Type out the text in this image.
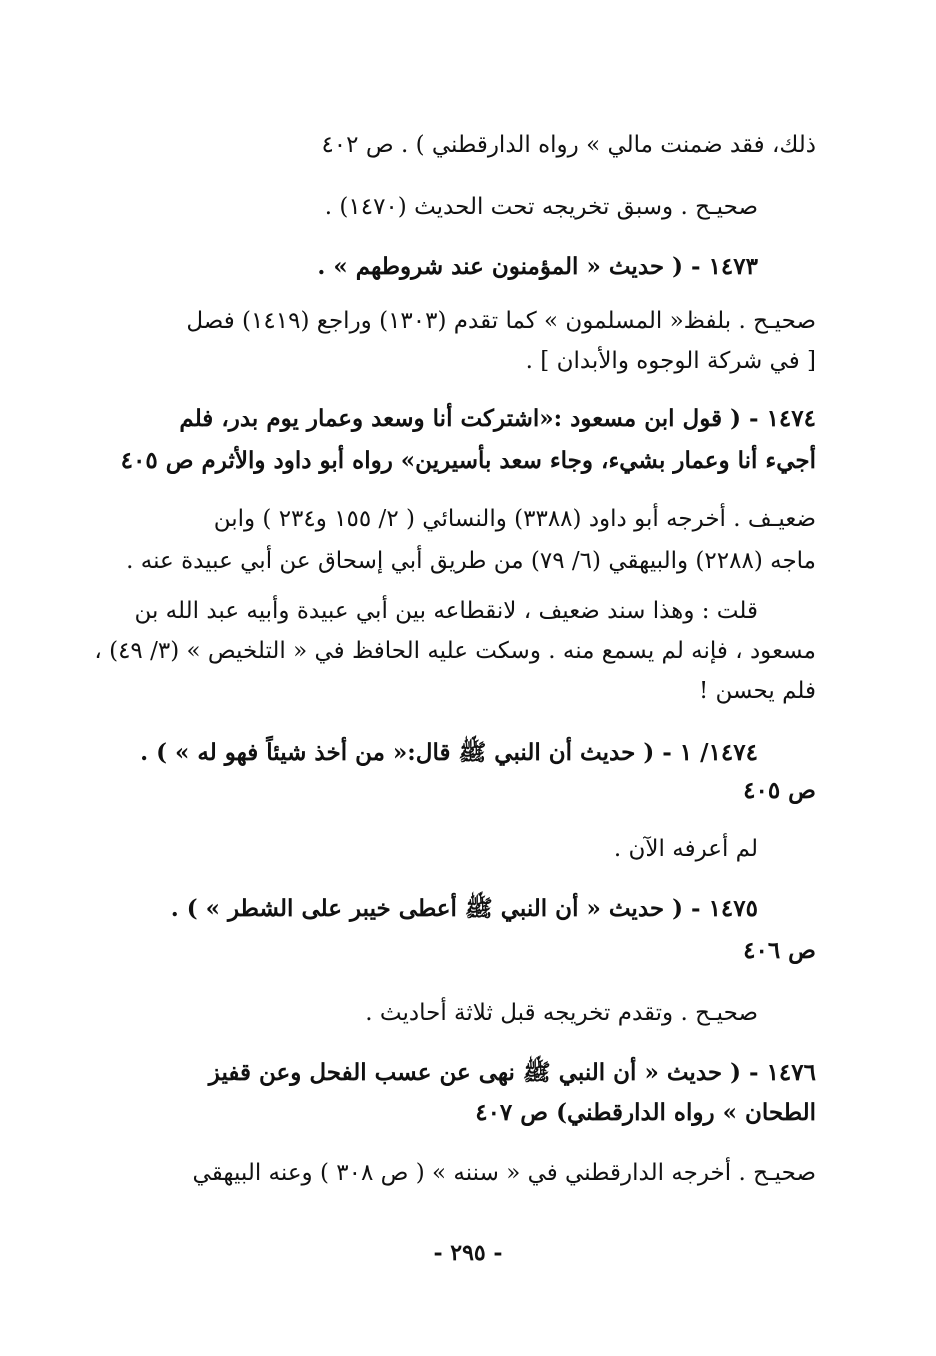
ذلك، فقد ضمنت مالي » رواه الدارقطني ) . ص ٤٠٢
صحيـح . وسبق تخريجه تحت الحديث (١٤٧٠) .
١٤٧٣ - ( حديث « المؤمنون عند شروطهم » .
صحيـح . بلفظ« المسلمون » كما تقدم (١٣٠٣) وراجع (١٤١٩) فصل
[ في شركة الوجوه والأبدان ] .
١٤٧٤ - ( قول ابن مسعود :«اشتركت أنا وسعد وعمار يوم بدر، فلم
أجيء أنا وعمار بشيء، وجاء سعد بأسيرين» رواه أبو داود والأثرم ص ٤٠٥
ضعيـف . أخرجه أبو داود (٣٣٨٨) والنسائي ( ٢/ ١٥٥ و٢٣٤ ) وابن
ماجه (٢٢٨٨) والبيهقي (٦/ ٧٩) من طريق أبي إسحاق عن أبي عبيدة عنه .
قلت : وهذا سند ضعيف ، لانقطاعه بين أبي عبيدة وأبيه عبد الله بن
مسعود ، فإنه لم يسمع منه . وسكت عليه الحافظ في « التلخيص » (٣/ ٤٩) ،
فلم يحسن !
١٤٧٤/ ١ - ( حديث أن النبي ﷺ قال:« من أخذ شيئاً فهو له » ) .
ص ٤٠٥
لم أعرفه الآن .
١٤٧٥ - ( حديث « أن النبي ﷺ أعطى خيبر على الشطر » ) .
ص ٤٠٦
صحيـح . وتقدم تخريجه قبل ثلاثة أحاديث .
١٤٧٦ - ( حديث « أن النبي ﷺ نهى عن عسب الفحل وعن قفيز
الطحان » رواه الدارقطني) ص ٤٠٧
صحيـح . أخرجه الدارقطني في « سننه » ( ص ٣٠٨ ) وعنه البيهقي
- ٢٩٥ -
